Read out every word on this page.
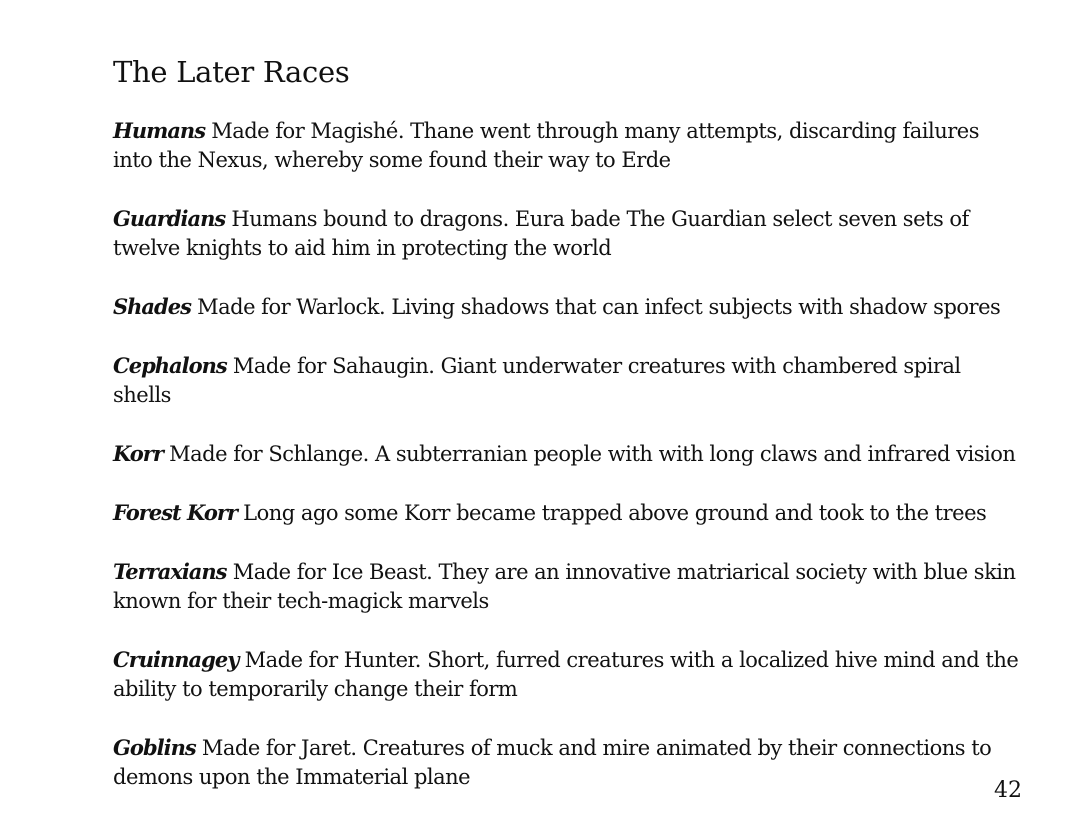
The Later Races

Humans Made for Magishé. Thane went through many attempts, discarding failures into the Nexus, whereby some found their way to Erde

Guardians Humans bound to dragons. Eura bade The Guardian select seven sets of twelve knights to aid him in protecting the world

Shades Made for Warlock. Living shadows that can infect subjects with shadow spores

Cephalons Made for Sahaugin. Giant underwater creatures with chambered spiral shells

Korr Made for Schlange. A subterranian people with with long claws and infrared vision

Forest Korr Long ago some Korr became trapped above ground and took to the trees

Terraxians Made for Ice Beast. They are an innovative matriarical society with blue skin known for their tech-magick marvels

Cruinnagey Made for Hunter. Short, furred creatures with a localized hive mind and the ability to temporarily change their form

Goblins Made for Jaret. Creatures of muck and mire animated by their connections to demons upon the Immaterial plane

42
